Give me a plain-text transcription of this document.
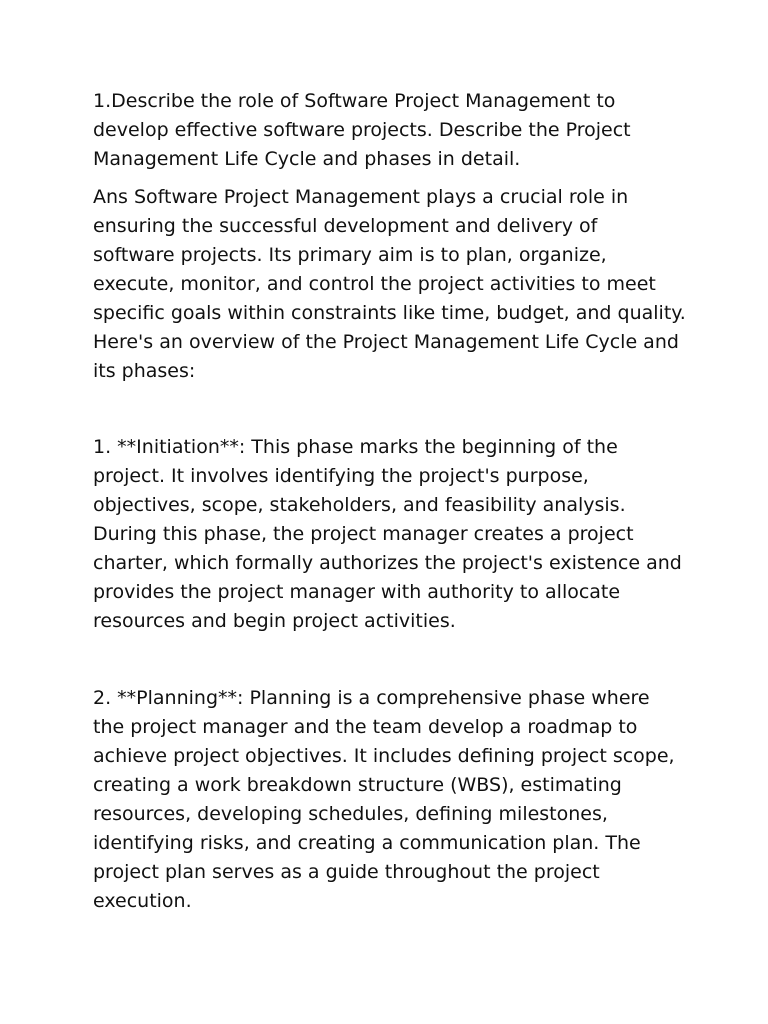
1.Describe the role of Software Project Management to
develop effective software projects. Describe the Project
Management Life Cycle and phases in detail.

Ans Software Project Management plays a crucial role in
ensuring the successful development and delivery of
software projects. Its primary aim is to plan, organize,
execute, monitor, and control the project activities to meet
specific goals within constraints like time, budget, and quality.
Here's an overview of the Project Management Life Cycle and
its phases:

1. **Initiation**: This phase marks the beginning of the
project. It involves identifying the project's purpose,
objectives, scope, stakeholders, and feasibility analysis.
During this phase, the project manager creates a project
charter, which formally authorizes the project's existence and
provides the project manager with authority to allocate
resources and begin project activities.

2. **Planning**: Planning is a comprehensive phase where
the project manager and the team develop a roadmap to
achieve project objectives. It includes defining project scope,
creating a work breakdown structure (WBS), estimating
resources, developing schedules, defining milestones,
identifying risks, and creating a communication plan. The
project plan serves as a guide throughout the project
execution.
